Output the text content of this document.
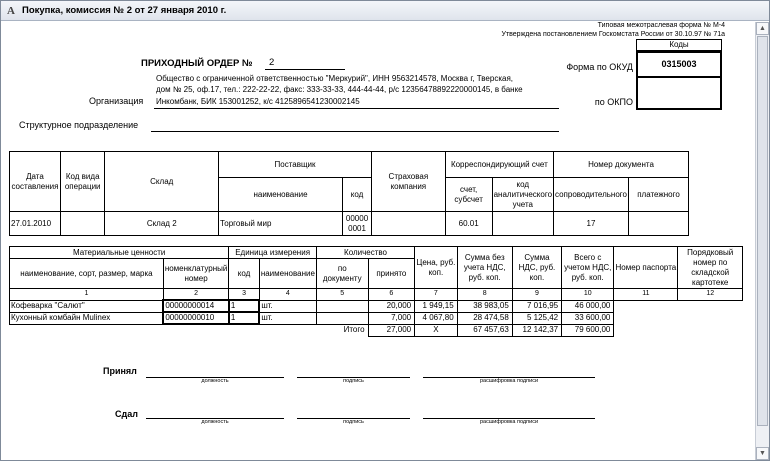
A Покупка, комиссия № 2 от 27 января 2010 г.
▲
▼
Типовая межотраслевая форма № М-4
Утверждена постановлением Госкомстата России от 30.10.97 № 71а
Коды
0315003
Форма по ОКУД
по ОКПО
ПРИХОДНЫЙ ОРДЕР № 2
Общество с ограниченной ответственностью "Меркурий", ИНН 9563214578, Москва г, Тверская,
дом № 25, оф.17, тел.: 222-22-22, факс: 333-33-33, 444-44-44, р/с 12356478892220000145, в банке
Организация Инкомбанк, БИК 153001252, к/с 4125896541230002145
Структурное подразделение
Дата составления	Код вида операции	Склад	Поставщик		Страховая компания	Корреспондирующий счет		Номер документа	
			наименование	код		счет, субсчет	код аналитического учета	сопроводительного	платежного
27.01.2010		Склад 2	Торговый мир	000000001		60.01		17	
Материальные ценности		Единица измерения		Количество		Цена, руб. коп.	Сумма без учета НДС, руб. коп.	Сумма НДС, руб. коп.	Всего с учетом НДС, руб. коп.	Номер паспорта	Порядковый номер по складской картотеке
наименование, сорт, размер, марка	номенклатурный номер	код	наименование	по документу	принято						
1	2	3	4	5	6	7	8	9	10	11	12
Кофеварка "Салют"	00000000014	1	шт.		20,000	1 949,15	38 983,05	7 016,95	46 000,00		
Кухонный комбайн Mulinex	00000000010	1	шт.		7,000	4 067,80	28 474,58	5 125,42	33 600,00		
				Итого	27,000	X	67 457,63	12 142,37	79 600,00		
Принял
должность	подпись	расшифровка подписи
Сдал
должность	подпись	расшифровка подписи
